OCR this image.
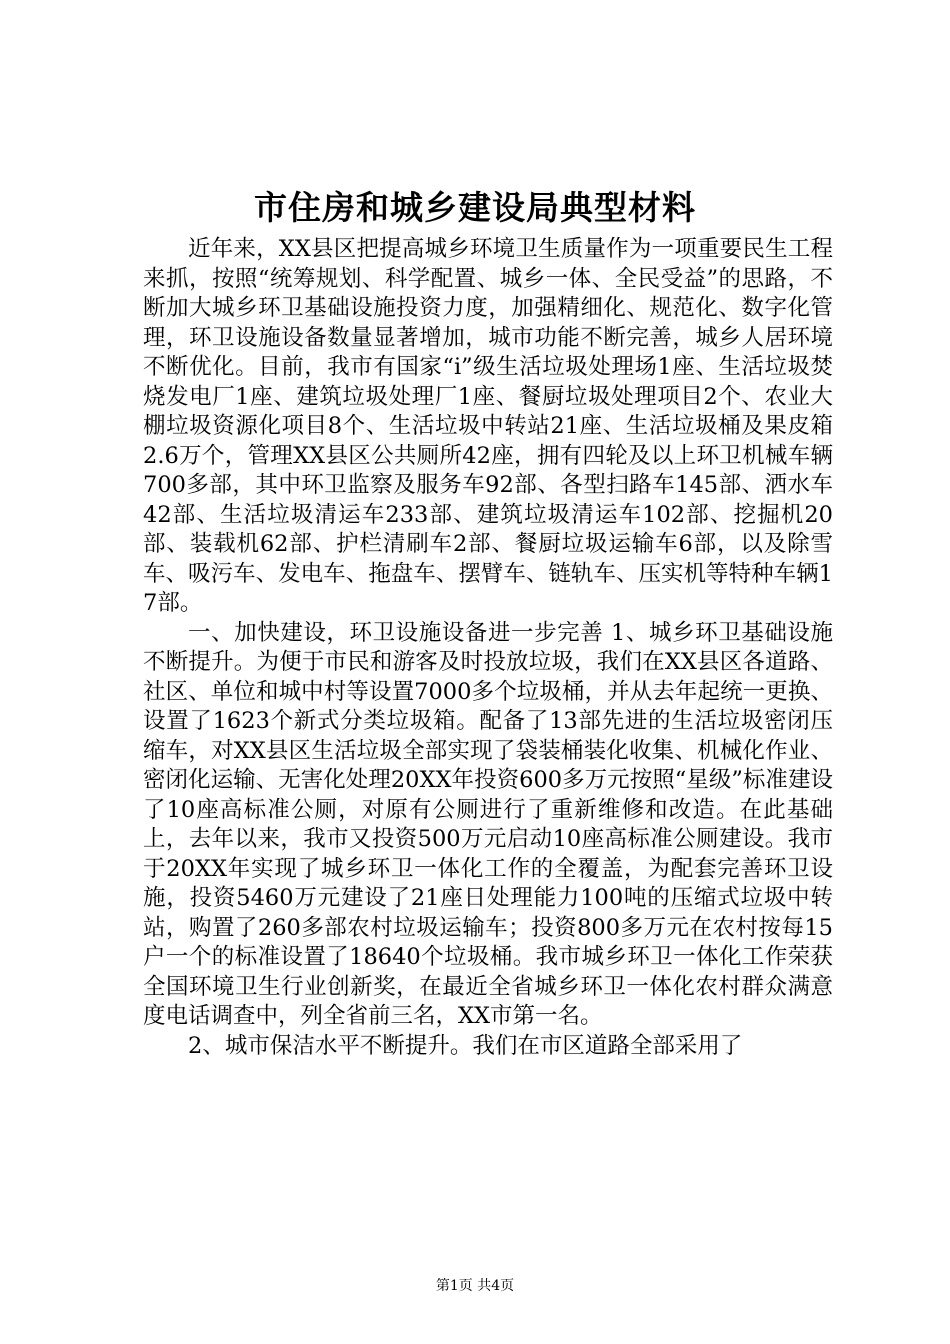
市住房和城乡建设局典型材料

近年来，XX县区把提高城乡环境卫生质量作为一项重要民生工程来抓，按照“统筹规划、科学配置、城乡一体、全民受益”的思路，不断加大城乡环卫基础设施投资力度，加强精细化、规范化、数字化管理，环卫设施设备数量显著增加，城市功能不断完善，城乡人居环境不断优化。目前，我市有国家“i”级生活垃圾处理场1座、生活垃圾焚烧发电厂1座、建筑垃圾处理厂1座、餐厨垃圾处理项目2个、农业大棚垃圾资源化项目8个、生活垃圾中转站21座、生活垃圾桶及果皮箱2.6万个，管理XX县区公共厕所42座，拥有四轮及以上环卫机械车辆700多部，其中环卫监察及服务车92部、各型扫路车145部、洒水车42部、生活垃圾清运车233部、建筑垃圾清运车102部、挖掘机20部、装载机62部、护栏清刷车2部、餐厨垃圾运输车6部，以及除雪车、吸污车、发电车、拖盘车、摆臂车、链轨车、压实机等特种车辆17部。

一、加快建设，环卫设施设备进一步完善 1、城乡环卫基础设施不断提升。为便于市民和游客及时投放垃圾，我们在XX县区各道路、社区、单位和城中村等设置7000多个垃圾桶，并从去年起统一更换、设置了1623个新式分类垃圾箱。配备了13部先进的生活垃圾密闭压缩车，对XX县区生活垃圾全部实现了袋装桶装化收集、机械化作业、密闭化运输、无害化处理20XX年投资600多万元按照“星级”标准建设了10座高标准公厕，对原有公厕进行了重新维修和改造。在此基础上，去年以来，我市又投资500万元启动10座高标准公厕建设。我市于20XX年实现了城乡环卫一体化工作的全覆盖，为配套完善环卫设施，投资5460万元建设了21座日处理能力100吨的压缩式垃圾中转站，购置了260多部农村垃圾运输车；投资800多万元在农村按每15户一个的标准设置了18640个垃圾桶。我市城乡环卫一体化工作荣获全国环境卫生行业创新奖，在最近全省城乡环卫一体化农村群众满意度电话调查中，列全省前三名，XX市第一名。

2、城市保洁水平不断提升。我们在市区道路全部采用了

第1页 共4页
